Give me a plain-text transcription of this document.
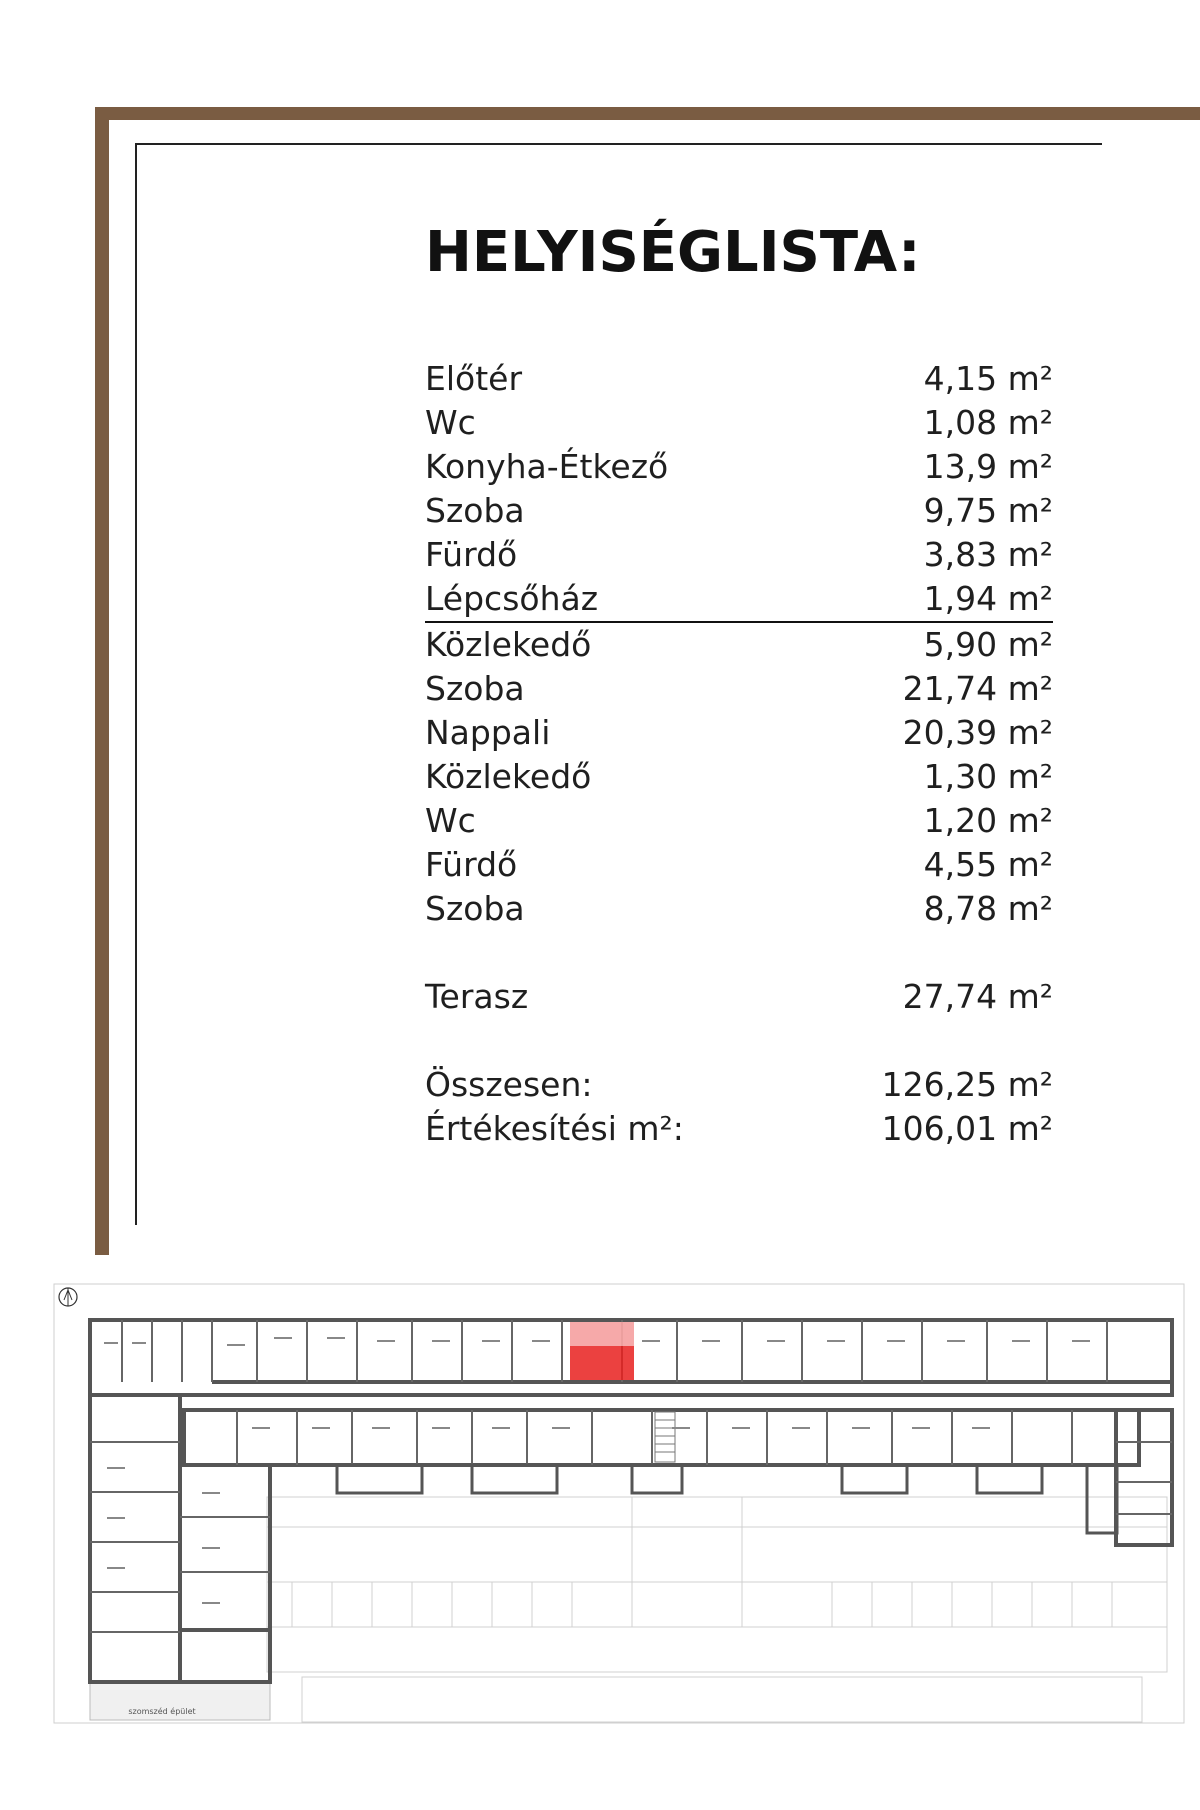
HELYISÉGLISTA:
Előtér	4,15 m²
Wc	1,08 m²
Konyha-Étkező	13,9 m²
Szoba	9,75 m²
Fürdő	3,83 m²
Lépcsőház	1,94 m²
Közlekedő	5,90 m²
Szoba	21,74 m²
Nappali	20,39 m²
Közlekedő	1,30 m²
Wc	1,20 m²
Fürdő	4,55 m²
Szoba	8,78 m²
Terasz	27,74 m²
Összesen:	126,25 m²
Értékesítési m²:	106,01 m²
szomszéd épület
